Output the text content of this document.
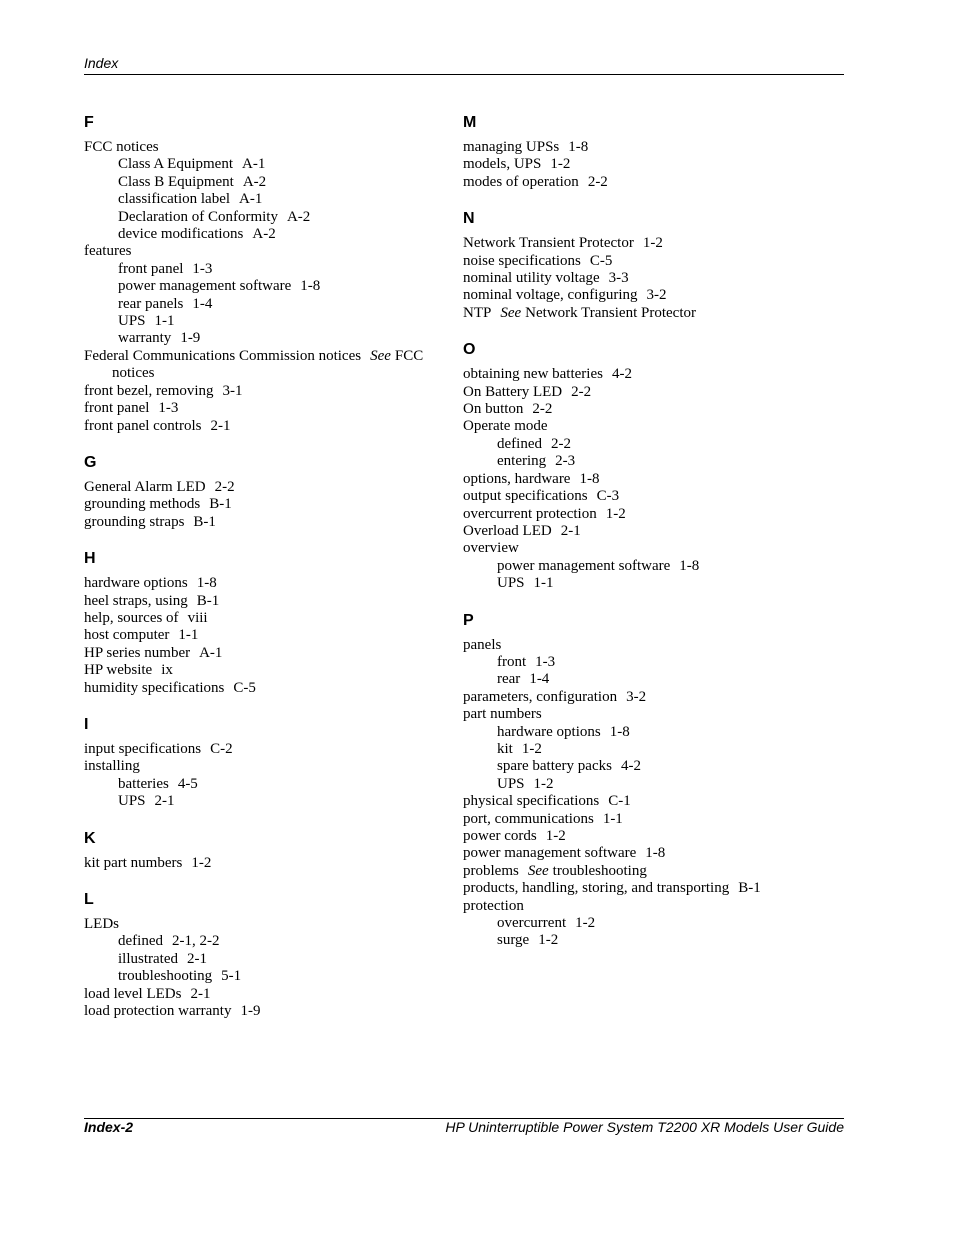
Index
F
FCC notices
Class A Equipment A-1
Class B Equipment A-2
classification label A-1
Declaration of Conformity A-2
device modifications A-2
features
front panel 1-3
power management software 1-8
rear panels 1-4
UPS 1-1
warranty 1-9
Federal Communications Commission notices See FCC notices
front bezel, removing 3-1
front panel 1-3
front panel controls 2-1
G
General Alarm LED 2-2
grounding methods B-1
grounding straps B-1
H
hardware options 1-8
heel straps, using B-1
help, sources of viii
host computer 1-1
HP series number A-1
HP website ix
humidity specifications C-5
I
input specifications C-2
installing
batteries 4-5
UPS 2-1
K
kit part numbers 1-2
L
LEDs
defined 2-1, 2-2
illustrated 2-1
troubleshooting 5-1
load level LEDs 2-1
load protection warranty 1-9
M
managing UPSs 1-8
models, UPS 1-2
modes of operation 2-2
N
Network Transient Protector 1-2
noise specifications C-5
nominal utility voltage 3-3
nominal voltage, configuring 3-2
NTP See Network Transient Protector
O
obtaining new batteries 4-2
On Battery LED 2-2
On button 2-2
Operate mode
defined 2-2
entering 2-3
options, hardware 1-8
output specifications C-3
overcurrent protection 1-2
Overload LED 2-1
overview
power management software 1-8
UPS 1-1
P
panels
front 1-3
rear 1-4
parameters, configuration 3-2
part numbers
hardware options 1-8
kit 1-2
spare battery packs 4-2
UPS 1-2
physical specifications C-1
port, communications 1-1
power cords 1-2
power management software 1-8
problems See troubleshooting
products, handling, storing, and transporting B-1
protection
overcurrent 1-2
surge 1-2
Index-2	HP Uninterruptible Power System T2200 XR Models User Guide
